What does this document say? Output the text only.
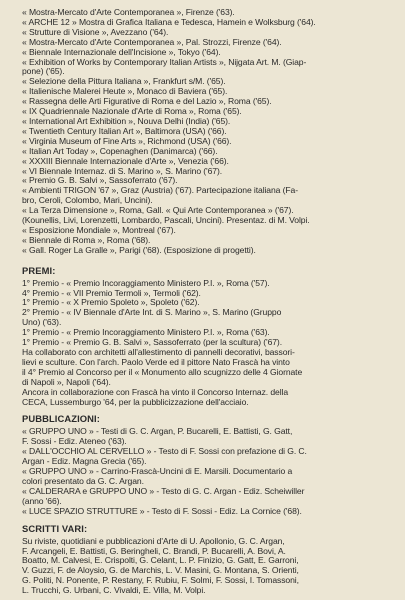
« Mostra-Mercato d'Arte Contemporanea », Firenze ('63).
« ARCHE 12 » Mostra di Grafica Italiana e Tedesca, Hamein e Wolksburg ('64).
« Strutture di Visione », Avezzano ('64).
« Mostra-Mercato d'Arte Contemporanea », Pal. Strozzi, Firenze ('64).
« Biennale Internazionale dell'Incisione », Tokyo ('64).
« Exhibition of Works by Contemporary Italian Artists », Nijgata Art. M. (Giap-
pone) ('65).
« Selezione della Pittura Italiana », Frankfurt s/M. ('65).
« Italienische Malerei Heute », Monaco di Baviera ('65).
« Rassegna delle Arti Figurative di Roma e del Lazio », Roma ('65).
« IX Quadriennale Nazionale d'Arte di Roma », Roma ('65).
« International Art Exhibition », Nouva Delhi (India) ('65).
« Twentieth Century Italian Art », Baltimora (USA) ('66).
« Virginia Museum of Fine Arts », Richmond (USA) ('66).
« Italian Art Today », Copenaghen (Danimarca) ('66).
« XXXIII Biennale Internazionale d'Arte », Venezia ('66).
« VI Biennale Internaz. di S. Marino », S. Marino ('67).
« Premio G. B. Salvi », Sassoferrato ('67).
« Ambienti TRIGON '67 », Graz (Austria) ('67). Partecipazione italiana (Fa-
bro, Ceroli, Colombo, Mari, Uncini).
« La Terza Dimensione », Roma, Gall. « Qui Arte Contemporanea » ('67).
(Kounellis, Livi, Lorenzetti, Lombardo, Pascali, Uncini). Presentaz. di M. Volpi.
« Esposizione Mondiale », Montreal ('67).
« Biennale di Roma », Roma ('68).
« Gall. Roger La Gralle », Parigi ('68). (Esposizione di progetti).
PREMI:
1° Premio - « Premio Incoraggiamento Ministero P.I. », Roma ('57).
4° Premio - « VII Premio Termoli », Termoli ('62).
1° Premio - « X Premio Spoleto », Spoleto ('62).
2° Premio - « IV Biennale d'Arte Int. di S. Marino », S. Marino (Gruppo
Uno) ('63).
1° Premio - « Premio Incoraggiamento Ministero P.I. », Roma ('63).
1° Premio - « Premio G. B. Salvi », Sassoferrato (per la scultura) ('67).
Ha collaborato con architetti all'allestimento di pannelli decorativi, bassori-
lievi e sculture. Con l'arch. Paolo Verde ed il pittore Nato Frascà ha vinto
il 4° Premio al Concorso per il « Monumento allo scugnizzo delle 4 Giornate
di Napoli », Napoli ('64).
Ancora in collaborazione con Frascà ha vinto il Concorso Internaz. della
CECA, Lussemburgo '64, per la pubblicizzazione dell'acciaio.
PUBBLICAZIONI:
« GRUPPO UNO » - Testi di G. C. Argan, P. Bucarelli, E. Battisti, G. Gatt,
F. Sossi - Ediz. Ateneo ('63).
« DALL'OCCHIO AL CERVELLO » - Testo di F. Sossi con prefazione di G. C.
Argan - Ediz. Magna Grecia ('65).
« GRUPPO UNO » - Carrino-Frascà-Uncini di E. Marsili. Documentario a
colori presentato da G. C. Argan.
« CALDERARA e GRUPPO UNO » - Testo di G. C. Argan - Ediz. Scheiwiller
(anno '66).
« LUCE SPAZIO STRUTTURE » - Testo di F. Sossi - Ediz. La Cornice ('68).
SCRITTI VARI:
Su riviste, quotidiani e pubblicazioni d'Arte di U. Apollonio, G. C. Argan,
F. Arcangeli, E. Battisti, G. Beringheli, C. Brandi, P. Bucarelli, A. Bovi, A.
Boatto, M. Calvesi, E. Crispolti, G. Celant, L. P. Finizio, G. Gatt, E. Garroni,
V. Guzzi, F. de Aloysio, G. de Marchis, L. V. Masini, G. Montana, S. Orienti,
G. Politi, N. Ponente, P. Restany, F. Rubiu, F. Solmi, F. Sossi, I. Tomassoni,
L. Trucchi, G. Urbani, C. Vivaldi, E. Villa, M. Volpi.
